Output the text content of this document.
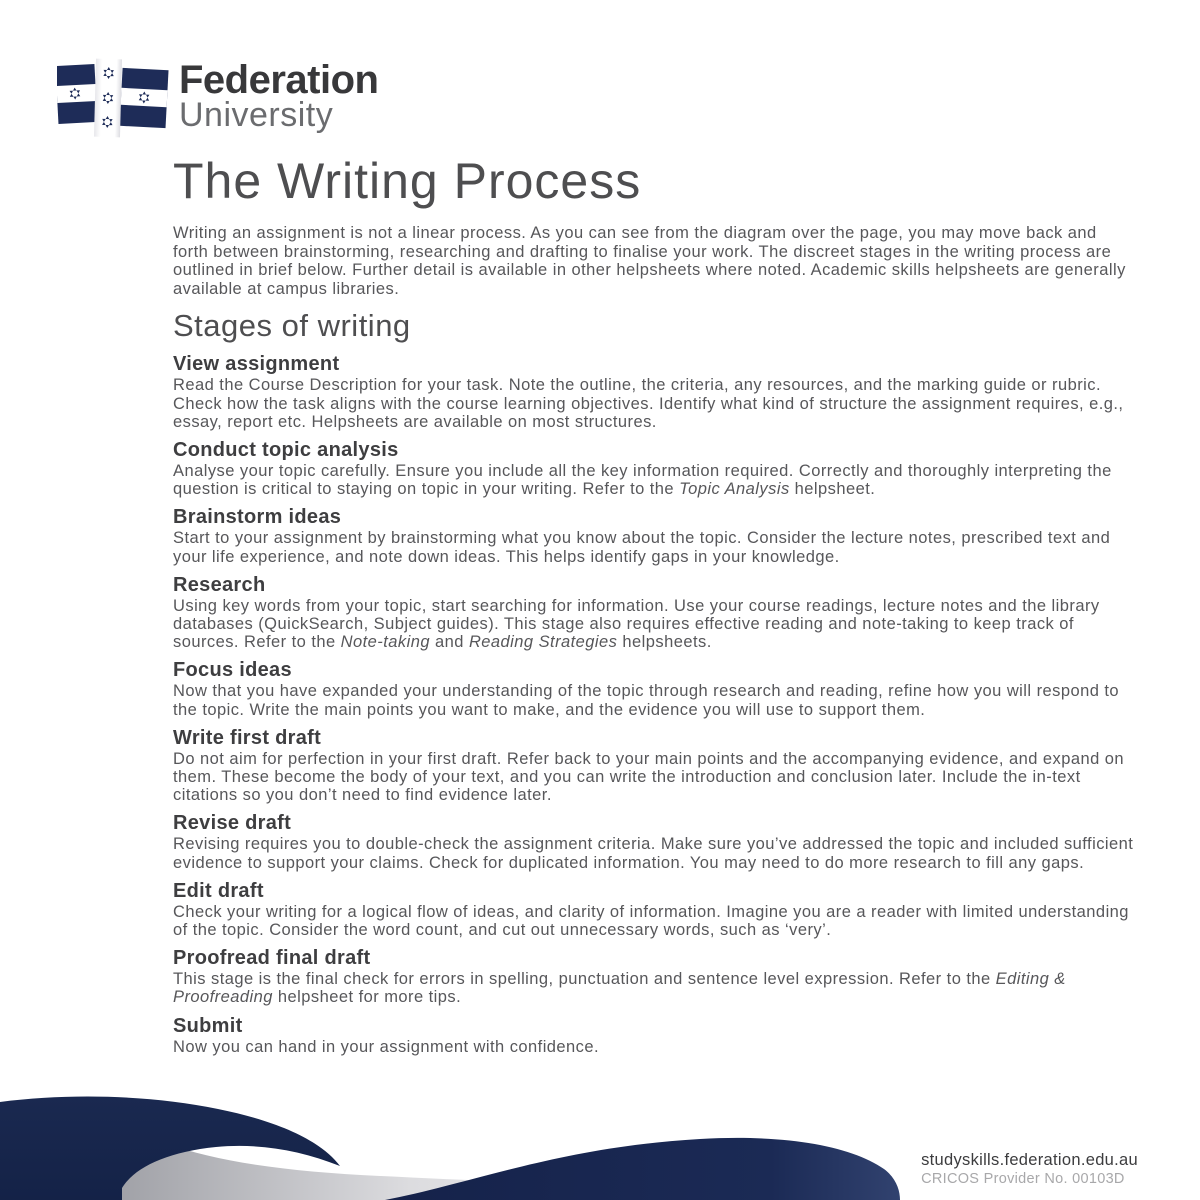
Federation
University
The Writing Process

Writing an assignment is not a linear process. As you can see from the diagram over the page, you may move back and forth between brainstorming, researching and drafting to finalise your work. The discreet stages in the writing process are outlined in brief below. Further detail is available in other helpsheets where noted. Academic skills helpsheets are generally available at campus libraries.

Stages of writing
View assignment

Read the Course Description for your task. Note the outline, the criteria, any resources, and the marking guide or rubric. Check how the task aligns with the course learning objectives. Identify what kind of structure the assignment requires, e.g., essay, report etc. Helpsheets are available on most structures.

Conduct topic analysis

Analyse your topic carefully. Ensure you include all the key information required. Correctly and thoroughly interpreting the question is critical to staying on topic in your writing. Refer to the Topic Analysis helpsheet.

Brainstorm ideas

Start to your assignment by brainstorming what you know about the topic. Consider the lecture notes, prescribed text and your life experience, and note down ideas. This helps identify gaps in your knowledge.

Research

Using key words from your topic, start searching for information. Use your course readings, lecture notes and the library databases (QuickSearch, Subject guides). This stage also requires effective reading and note-taking to keep track of sources. Refer to the Note-taking and Reading Strategies helpsheets.

Focus ideas

Now that you have expanded your understanding of the topic through research and reading, refine how you will respond to the topic. Write the main points you want to make, and the evidence you will use to support them.

Write first draft

Do not aim for perfection in your first draft. Refer back to your main points and the accompanying evidence, and expand on them. These become the body of your text, and you can write the introduction and conclusion later. Include the in-text citations so you don’t need to find evidence later.

Revise draft

Revising requires you to double-check the assignment criteria. Make sure you’ve addressed the topic and included sufficient evidence to support your claims. Check for duplicated information. You may need to do more research to fill any gaps.

Edit draft

Check your writing for a logical flow of ideas, and clarity of information. Imagine you are a reader with limited understanding of the topic. Consider the word count, and cut out unnecessary words, such as ‘very’.

Proofread final draft

This stage is the final check for errors in spelling, punctuation and sentence level expression. Refer to the Editing & Proofreading helpsheet for more tips.

Submit

Now you can hand in your assignment with confidence.

studyskills.federation.edu.au
CRICOS Provider No. 00103D
